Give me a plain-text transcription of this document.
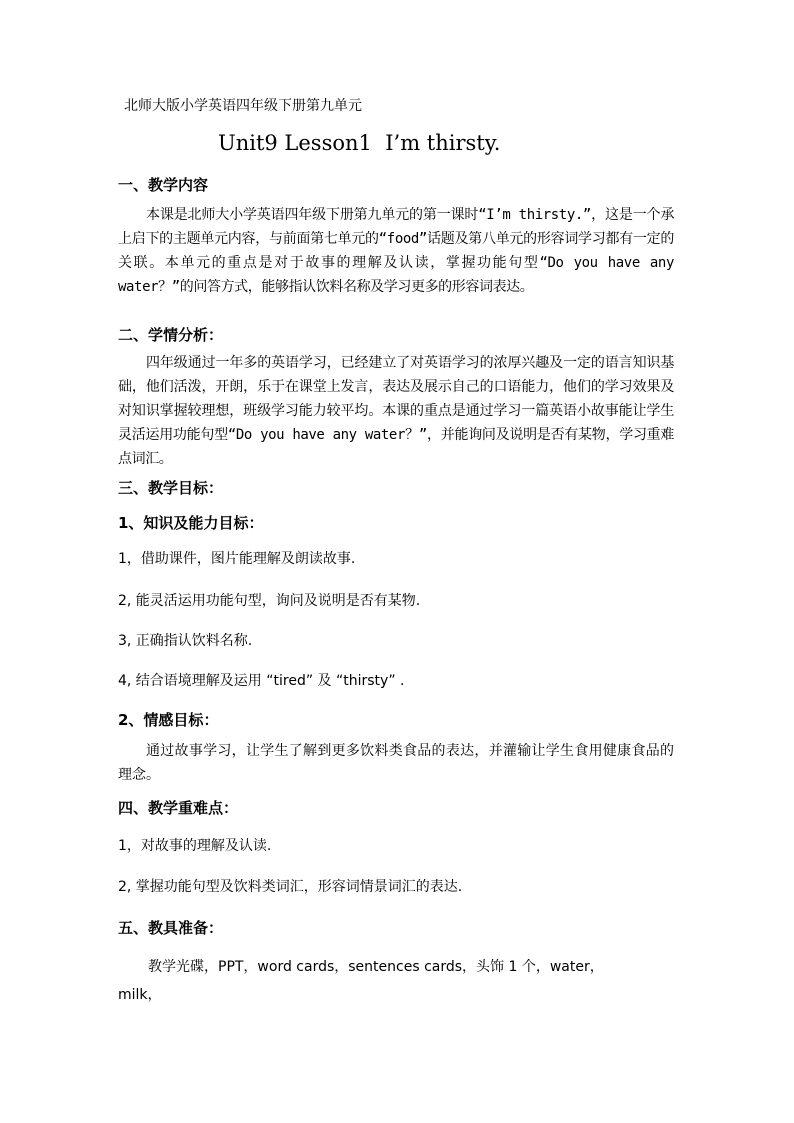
北师大版小学英语四年级下册第九单元

Unit9 Lesson1  I’m thirsty.

一、教学内容

本课是北师大小学英语四年级下册第九单元的第一课时“I’m thirsty.”，这是一个承上启下的主题单元内容，与前面第七单元的“food”话题及第八单元的形容词学习都有一定的关联。本单元的重点是对于故事的理解及认读，掌握功能句型“Do you have any water？”的问答方式，能够指认饮料名称及学习更多的形容词表达。

二、学情分析：

四年级通过一年多的英语学习，已经建立了对英语学习的浓厚兴趣及一定的语言知识基础，他们活泼，开朗，乐于在课堂上发言，表达及展示自己的口语能力，他们的学习效果及对知识掌握较理想，班级学习能力较平均。本课的重点是通过学习一篇英语小故事能让学生灵活运用功能句型“Do you have any water？”，并能询问及说明是否有某物，学习重难点词汇。

三、教学目标：

1、知识及能力目标：

1，借助课件，图片能理解及朗读故事.

2, 能灵活运用功能句型，询问及说明是否有某物.

3, 正确指认饮料名称.

4, 结合语境理解及运用 “tired” 及 “thirsty” .

2、情感目标：

通过故事学习，让学生了解到更多饮料类食品的表达，并灌输让学生食用健康食品的理念。

四、教学重难点：

1，对故事的理解及认读.

2, 掌握功能句型及饮料类词汇，形容词情景词汇的表达.

五、教具准备：

教学光碟，PPT，word cards，sentences cards，头饰 1 个，water，milk，
